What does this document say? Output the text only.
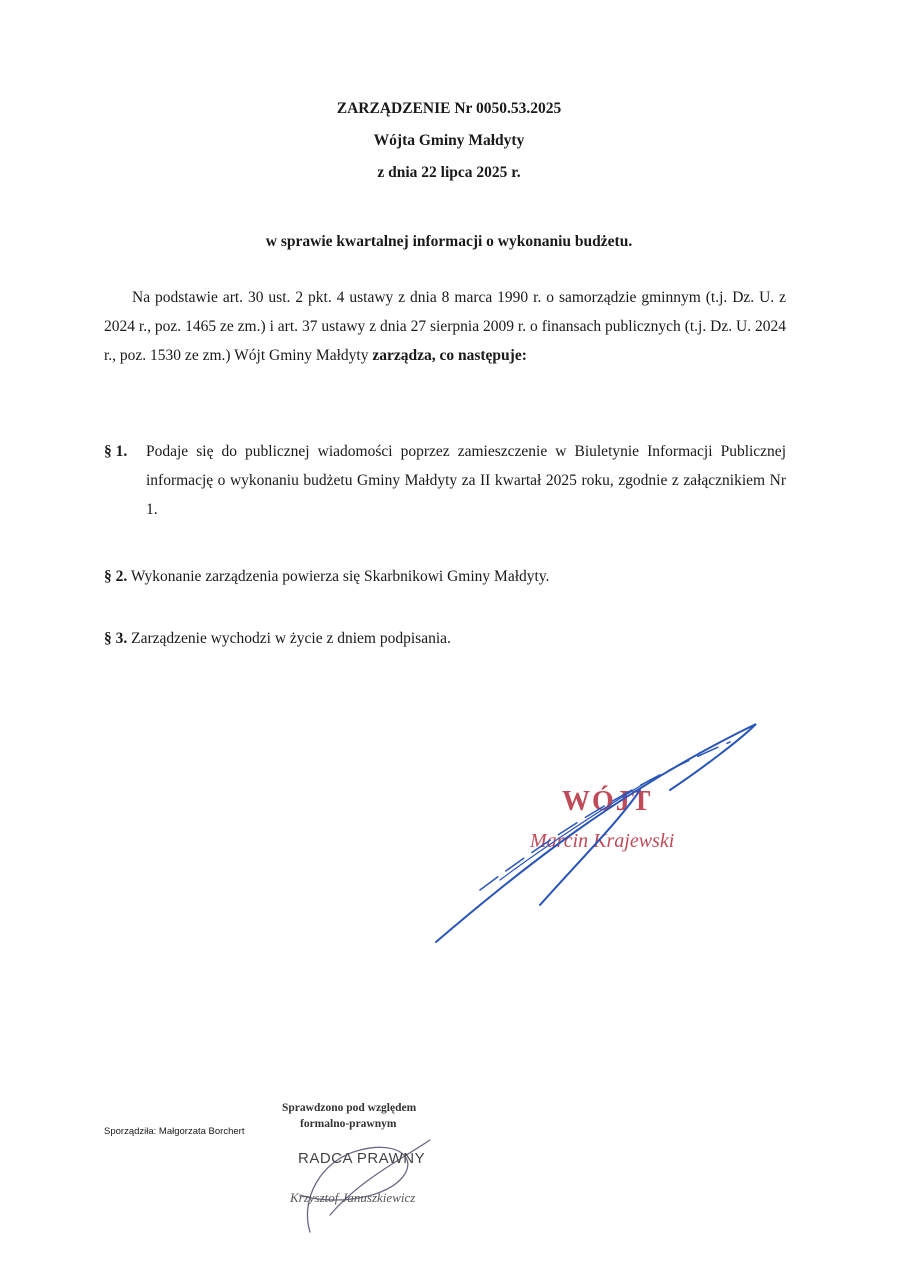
ZARZĄDZENIE Nr 0050.53.2025
Wójta Gminy Małdyty
z dnia 22 lipca 2025 r.
w sprawie kwartalnej informacji o wykonaniu budżetu.
Na podstawie art. 30 ust. 2 pkt. 4 ustawy z dnia 8 marca 1990 r. o samorządzie gminnym (t.j. Dz. U. z 2024 r., poz. 1465 ze zm.) i art. 37 ustawy z dnia 27 sierpnia 2009 r. o finansach publicznych (t.j. Dz. U. 2024 r., poz. 1530 ze zm.) Wójt Gminy Małdyty zarządza, co następuje:
§ 1. Podaje się do publicznej wiadomości poprzez zamieszczenie w Biuletynie Informacji Publicznej informację o wykonaniu budżetu Gminy Małdyty za II kwartał 2025 roku, zgodnie z załącznikiem Nr 1.
§ 2. Wykonanie zarządzenia powierza się Skarbnikowi Gminy Małdyty.
§ 3. Zarządzenie wychodzi w życie z dniem podpisania.
WÓJT
Marcin Krajewski
Sporządziła: Małgorzata Borchert
Sprawdzono pod względem
formalno-prawnym
RADCA PRAWNY
Krzysztof Januszkiewicz
